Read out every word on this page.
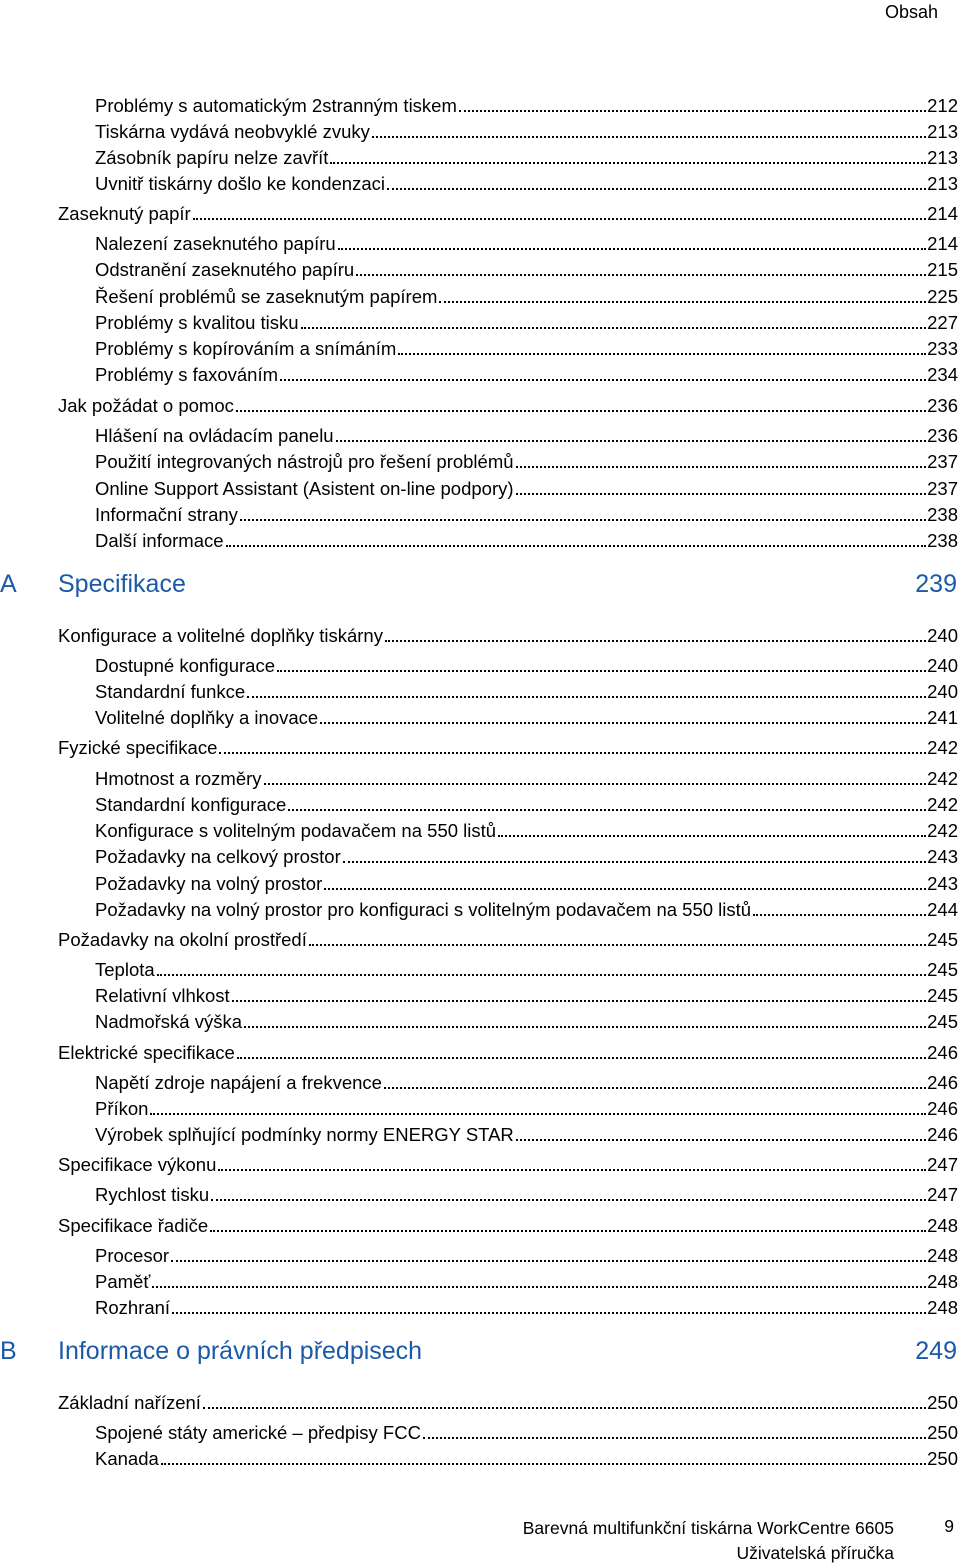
Obsah
Problémy s automatickým 2stranným tiskem	212
Tiskárna vydává neobvyklé zvuky	213
Zásobník papíru nelze zavřít	213
Uvnitř tiskárny došlo ke kondenzaci	213
Zaseknutý papír	214
Nalezení zaseknutého papíru	214
Odstranění zaseknutého papíru	215
Řešení problémů se zaseknutým papírem	225
Problémy s kvalitou tisku	227
Problémy s kopírováním a snímáním	233
Problémy s faxováním	234
Jak požádat o pomoc	236
Hlášení na ovládacím panelu	236
Použití integrovaných nástrojů pro řešení problémů	237
Online Support Assistant (Asistent on-line podpory)	237
Informační strany	238
Další informace	238
A Specifikace	239
Konfigurace a volitelné doplňky tiskárny	240
Dostupné konfigurace	240
Standardní funkce	240
Volitelné doplňky a inovace	241
Fyzické specifikace	242
Hmotnost a rozměry	242
Standardní konfigurace	242
Konfigurace s volitelným podavačem na 550 listů	242
Požadavky na celkový prostor	243
Požadavky na volný prostor	243
Požadavky na volný prostor pro konfiguraci s volitelným podavačem na 550 listů	244
Požadavky na okolní prostředí	245
Teplota	245
Relativní vlhkost	245
Nadmořská výška	245
Elektrické specifikace	246
Napětí zdroje napájení a frekvence	246
Příkon	246
Výrobek splňující podmínky normy ENERGY STAR	246
Specifikace výkonu	247
Rychlost tisku	247
Specifikace řadiče	248
Procesor	248
Paměť	248
Rozhraní	248
B Informace o právních předpisech	249
Základní nařízení	250
Spojené státy americké – předpisy FCC	250
Kanada	250
Barevná multifunkční tiskárna WorkCentre 6605
Uživatelská příručka
9
